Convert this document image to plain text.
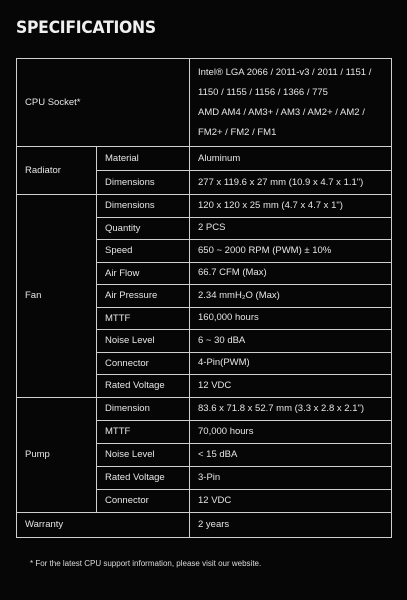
SPECIFICATIONS
CPU Socket*		Intel® LGA 2066 / 2011-v3 / 2011 / 1151 /
1150 / 1155 / 1156 / 1366 / 775
AMD AM4 / AM3+ / AM3 / AM2+ / AM2 /
FM2+ / FM2 / FM1

Radiator	Material	Aluminum
	Dimensions	277 x 119.6 x 27 mm (10.9 x 4.7 x 1.1")
Fan	Dimensions	120 x 120 x 25 mm (4.7 x 4.7 x 1")
	Quantity	2 PCS
	Speed	650 ~ 2000 RPM (PWM) ± 10%
	Air Flow	66.7 CFM (Max)
	Air Pressure	2.34 mmH₂O (Max)
	MTTF	160,000 hours
	Noise Level	6 ~ 30 dBA
	Connector	4-Pin(PWM)
	Rated Voltage	12 VDC
Pump	Dimension	83.6 x 71.8 x 52.7 mm (3.3 x 2.8 x 2.1")
	MTTF	70,000 hours
	Noise Level	< 15 dBA
	Rated Voltage	3-Pin
	Connector	12 VDC
Warranty		2 years
* For the latest CPU support information, please visit our website.
